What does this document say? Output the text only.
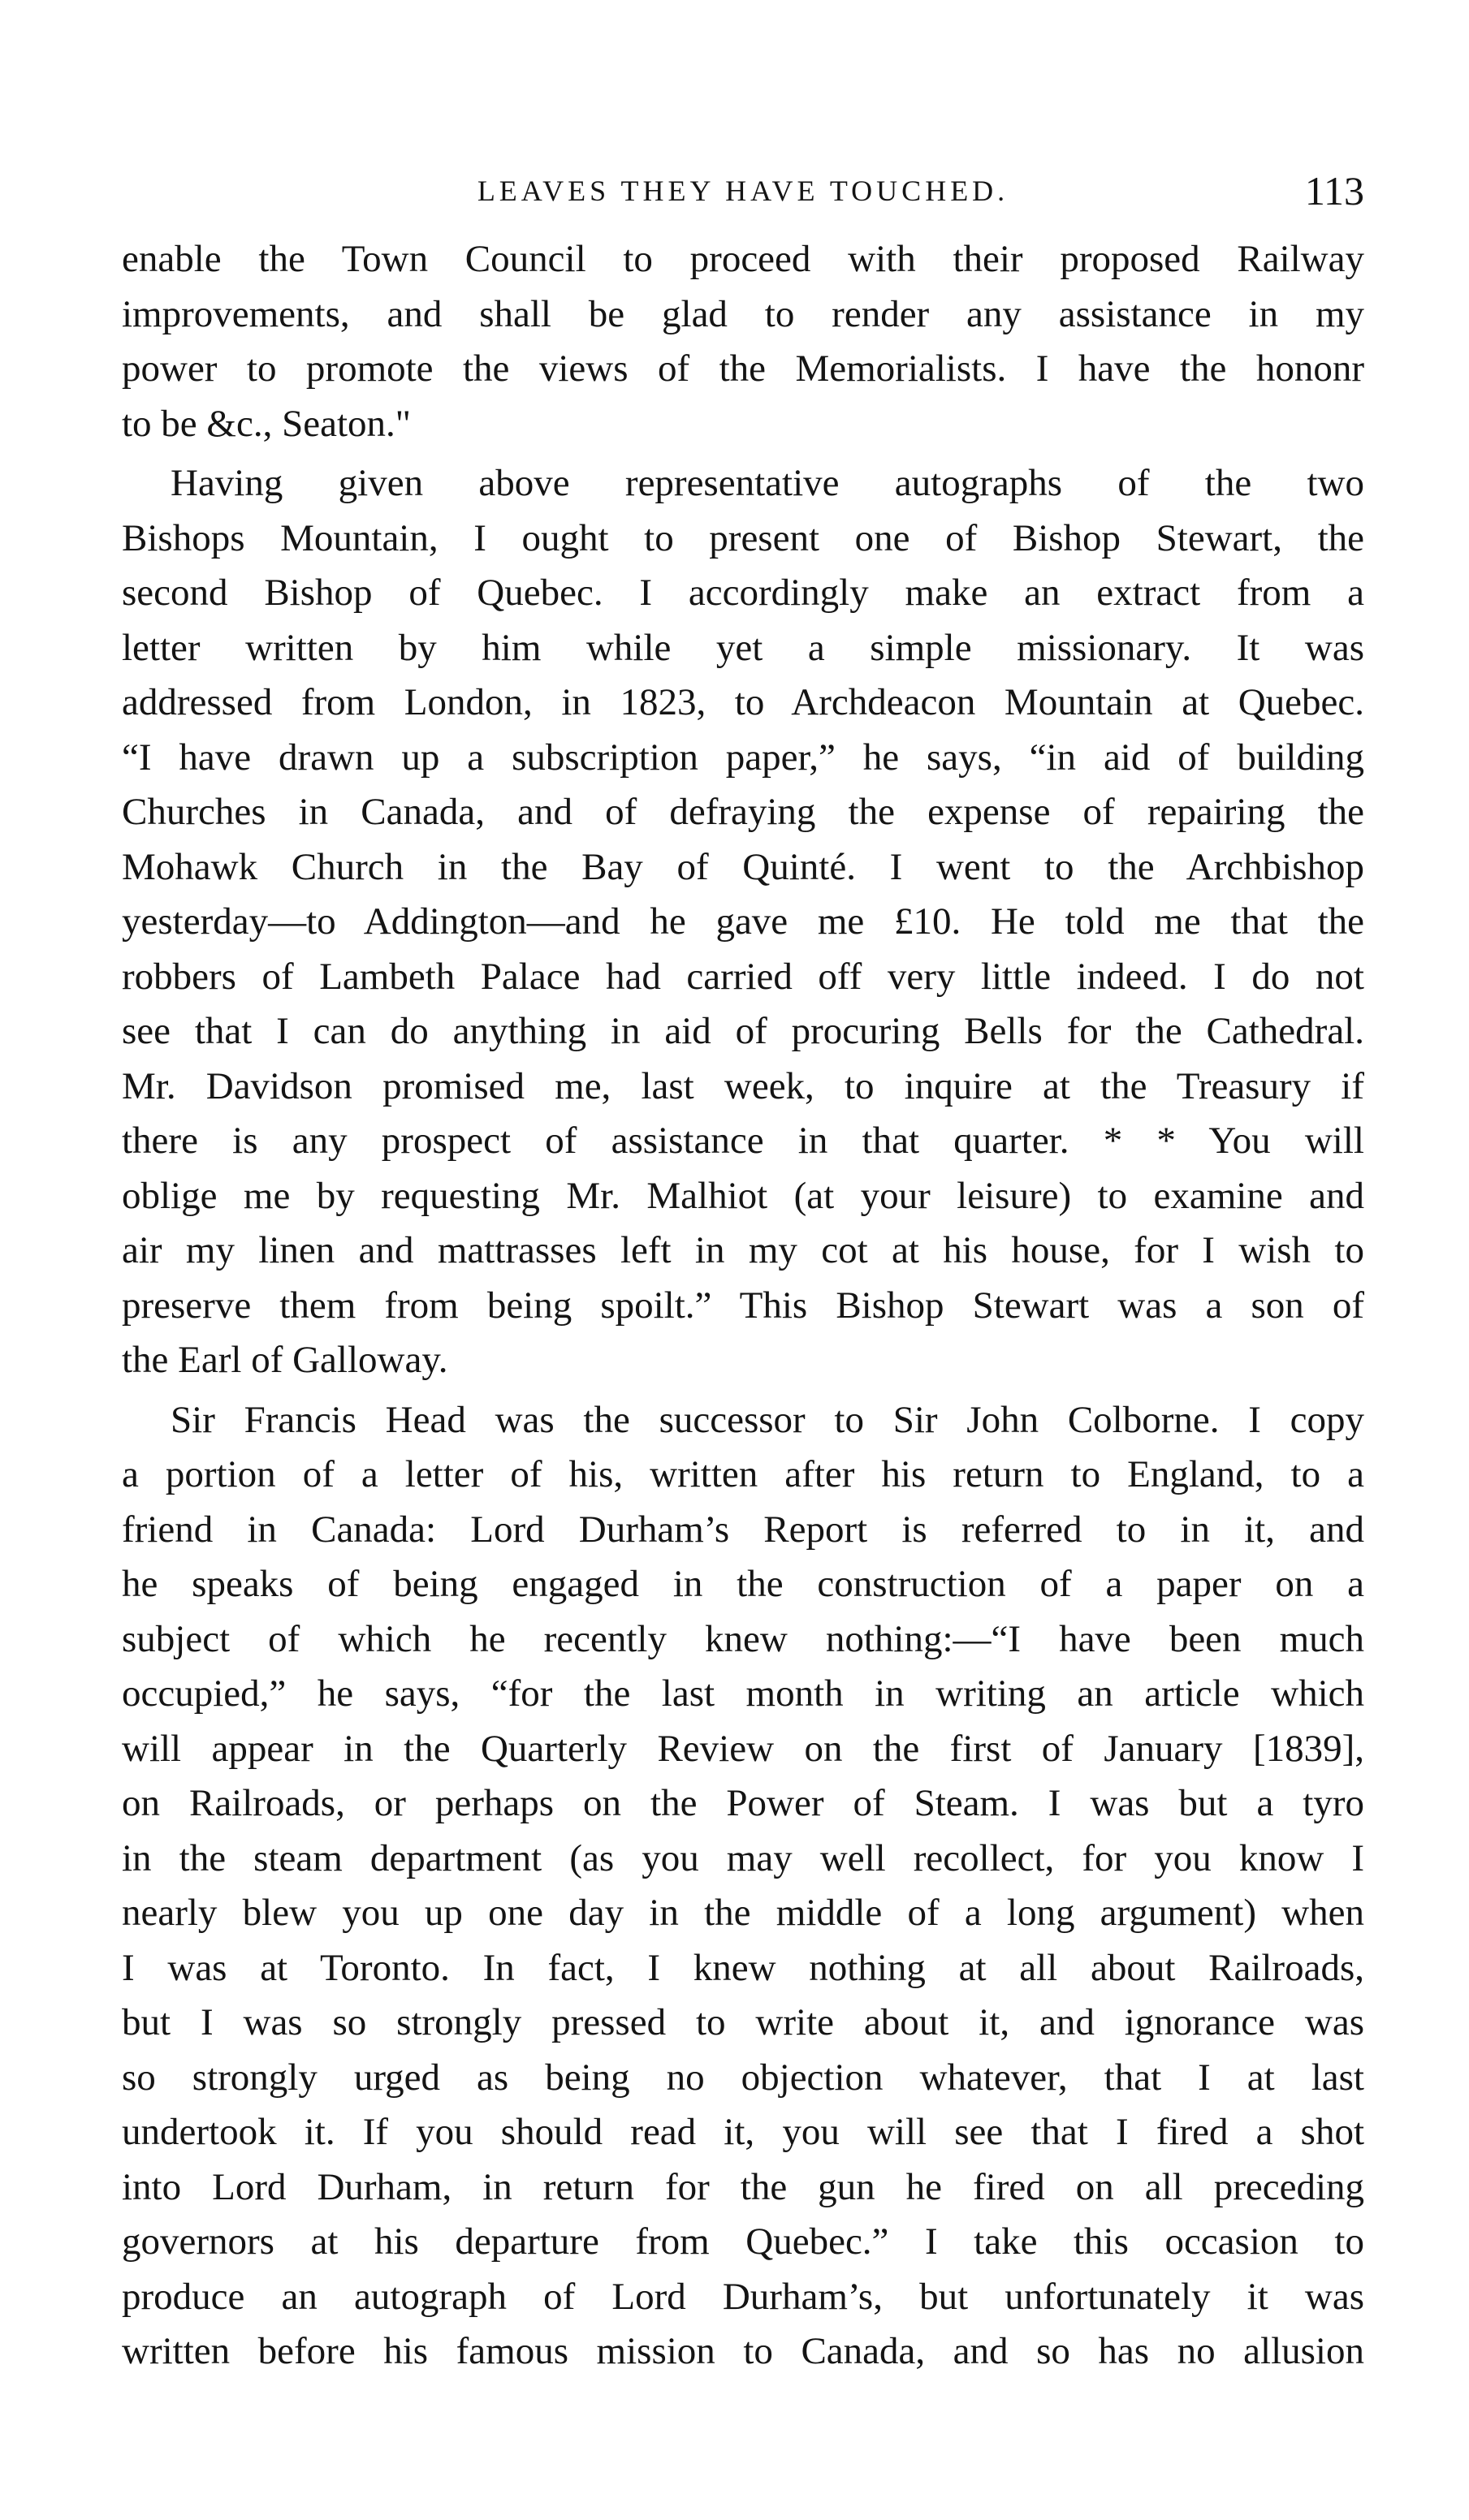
LEAVES THEY HAVE TOUCHED.	113
enable the Town Council to proceed with their proposed Railway
improvements, and shall be glad to render any assistance in my
power to promote the views of the Memorialists. I have the hononr
to be &c., Seaton."
Having given above representative autographs of the two
Bishops Mountain, I ought to present one of Bishop Stewart, the
second Bishop of Quebec. I accordingly make an extract from a
letter written by him while yet a simple missionary. It was
addressed from London, in 1823, to Archdeacon Mountain at Quebec.
“I have drawn up a subscription paper,” he says, “in aid of building
Churches in Canada, and of defraying the expense of repairing the
Mohawk Church in the Bay of Quinté. I went to the Archbishop
yesterday—to Addington—and he gave me £10. He told me that the
robbers of Lambeth Palace had carried off very little indeed. I do not
see that I can do anything in aid of procuring Bells for the Cathedral.
Mr. Davidson promised me, last week, to inquire at the Treasury if
there is any prospect of assistance in that quarter. * * You will
oblige me by requesting Mr. Malhiot (at your leisure) to examine and
air my linen and mattrasses left in my cot at his house, for I wish to
preserve them from being spoilt.” This Bishop Stewart was a son of
the Earl of Galloway.
Sir Francis Head was the successor to Sir John Colborne. I copy
a portion of a letter of his, written after his return to England, to a
friend in Canada: Lord Durham’s Report is referred to in it, and
he speaks of being engaged in the construction of a paper on a
subject of which he recently knew nothing:—“I have been much
occupied,” he says, “for the last month in writing an article which
will appear in the Quarterly Review on the first of January [1839],
on Railroads, or perhaps on the Power of Steam. I was but a tyro
in the steam department (as you may well recollect, for you know I
nearly blew you up one day in the middle of a long argument) when
I was at Toronto. In fact, I knew nothing at all about Railroads,
but I was so strongly pressed to write about it, and ignorance was
so strongly urged as being no objection whatever, that I at last
undertook it. If you should read it, you will see that I fired a shot
into Lord Durham, in return for the gun he fired on all preceding
governors at his departure from Quebec.” I take this occasion to
produce an autograph of Lord Durham’s, but unfortunately it was
written before his famous mission to Canada, and so has no allusion
